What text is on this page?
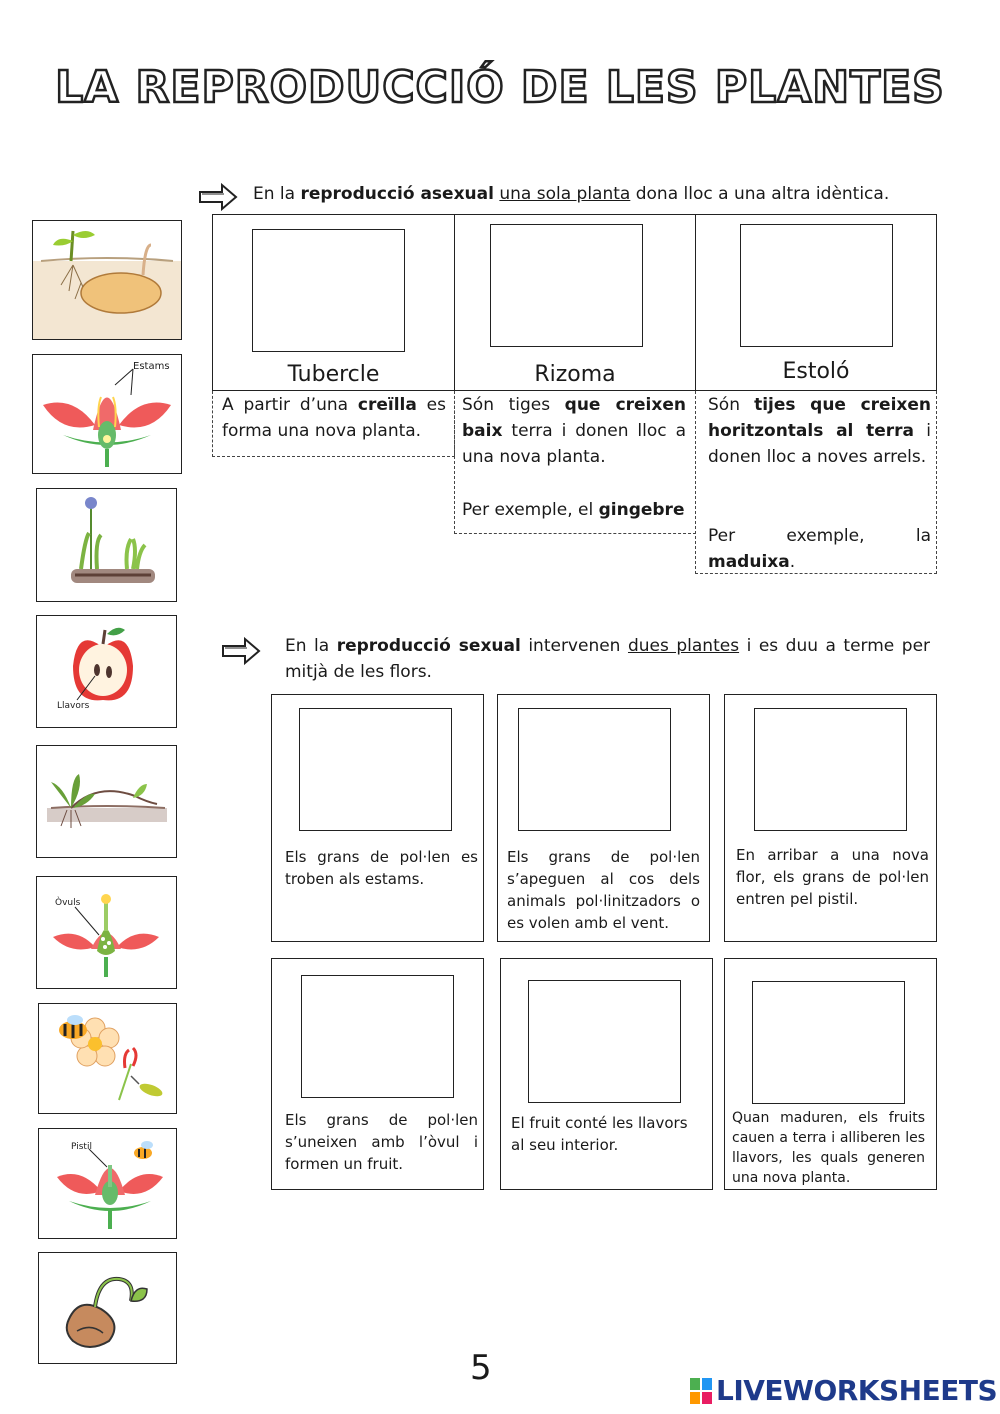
LA REPRODUCCIÓ DE LES PLANTES
En la reproducció asexual una sola planta dona lloc a una altra idèntica.
Tubercle
A partir d’una creïlla es forma una nova planta.
Rizoma
Són tiges que creixen baix terra i donen lloc a una nova planta.
Per exemple, el gingebre
Estoló
Són tijes que creixen horitzontals al terra i donen lloc a noves arrels.
Per exemple, la maduixa.
En la reproducció sexual intervenen dues plantes i es duu a terme per mitjà de les flors.
Els grans de pol·len es troben als estams.
Els grans de pol·len s’apeguen al cos dels animals pol·linitzadors o es volen amb el vent.
En arribar a una nova flor, els grans de pol·len entren pel pistil.
Els grans de pol·len s’uneixen amb l’òvul i formen un fruit.
El fruit conté les llavors al seu interior.
Quan maduren, els fruits cauen a terra i alliberen les llavors, les quals generen una nova planta.
Estams
Llavors
Òvuls
Pistil
5
LIVEWORKSHEETS
